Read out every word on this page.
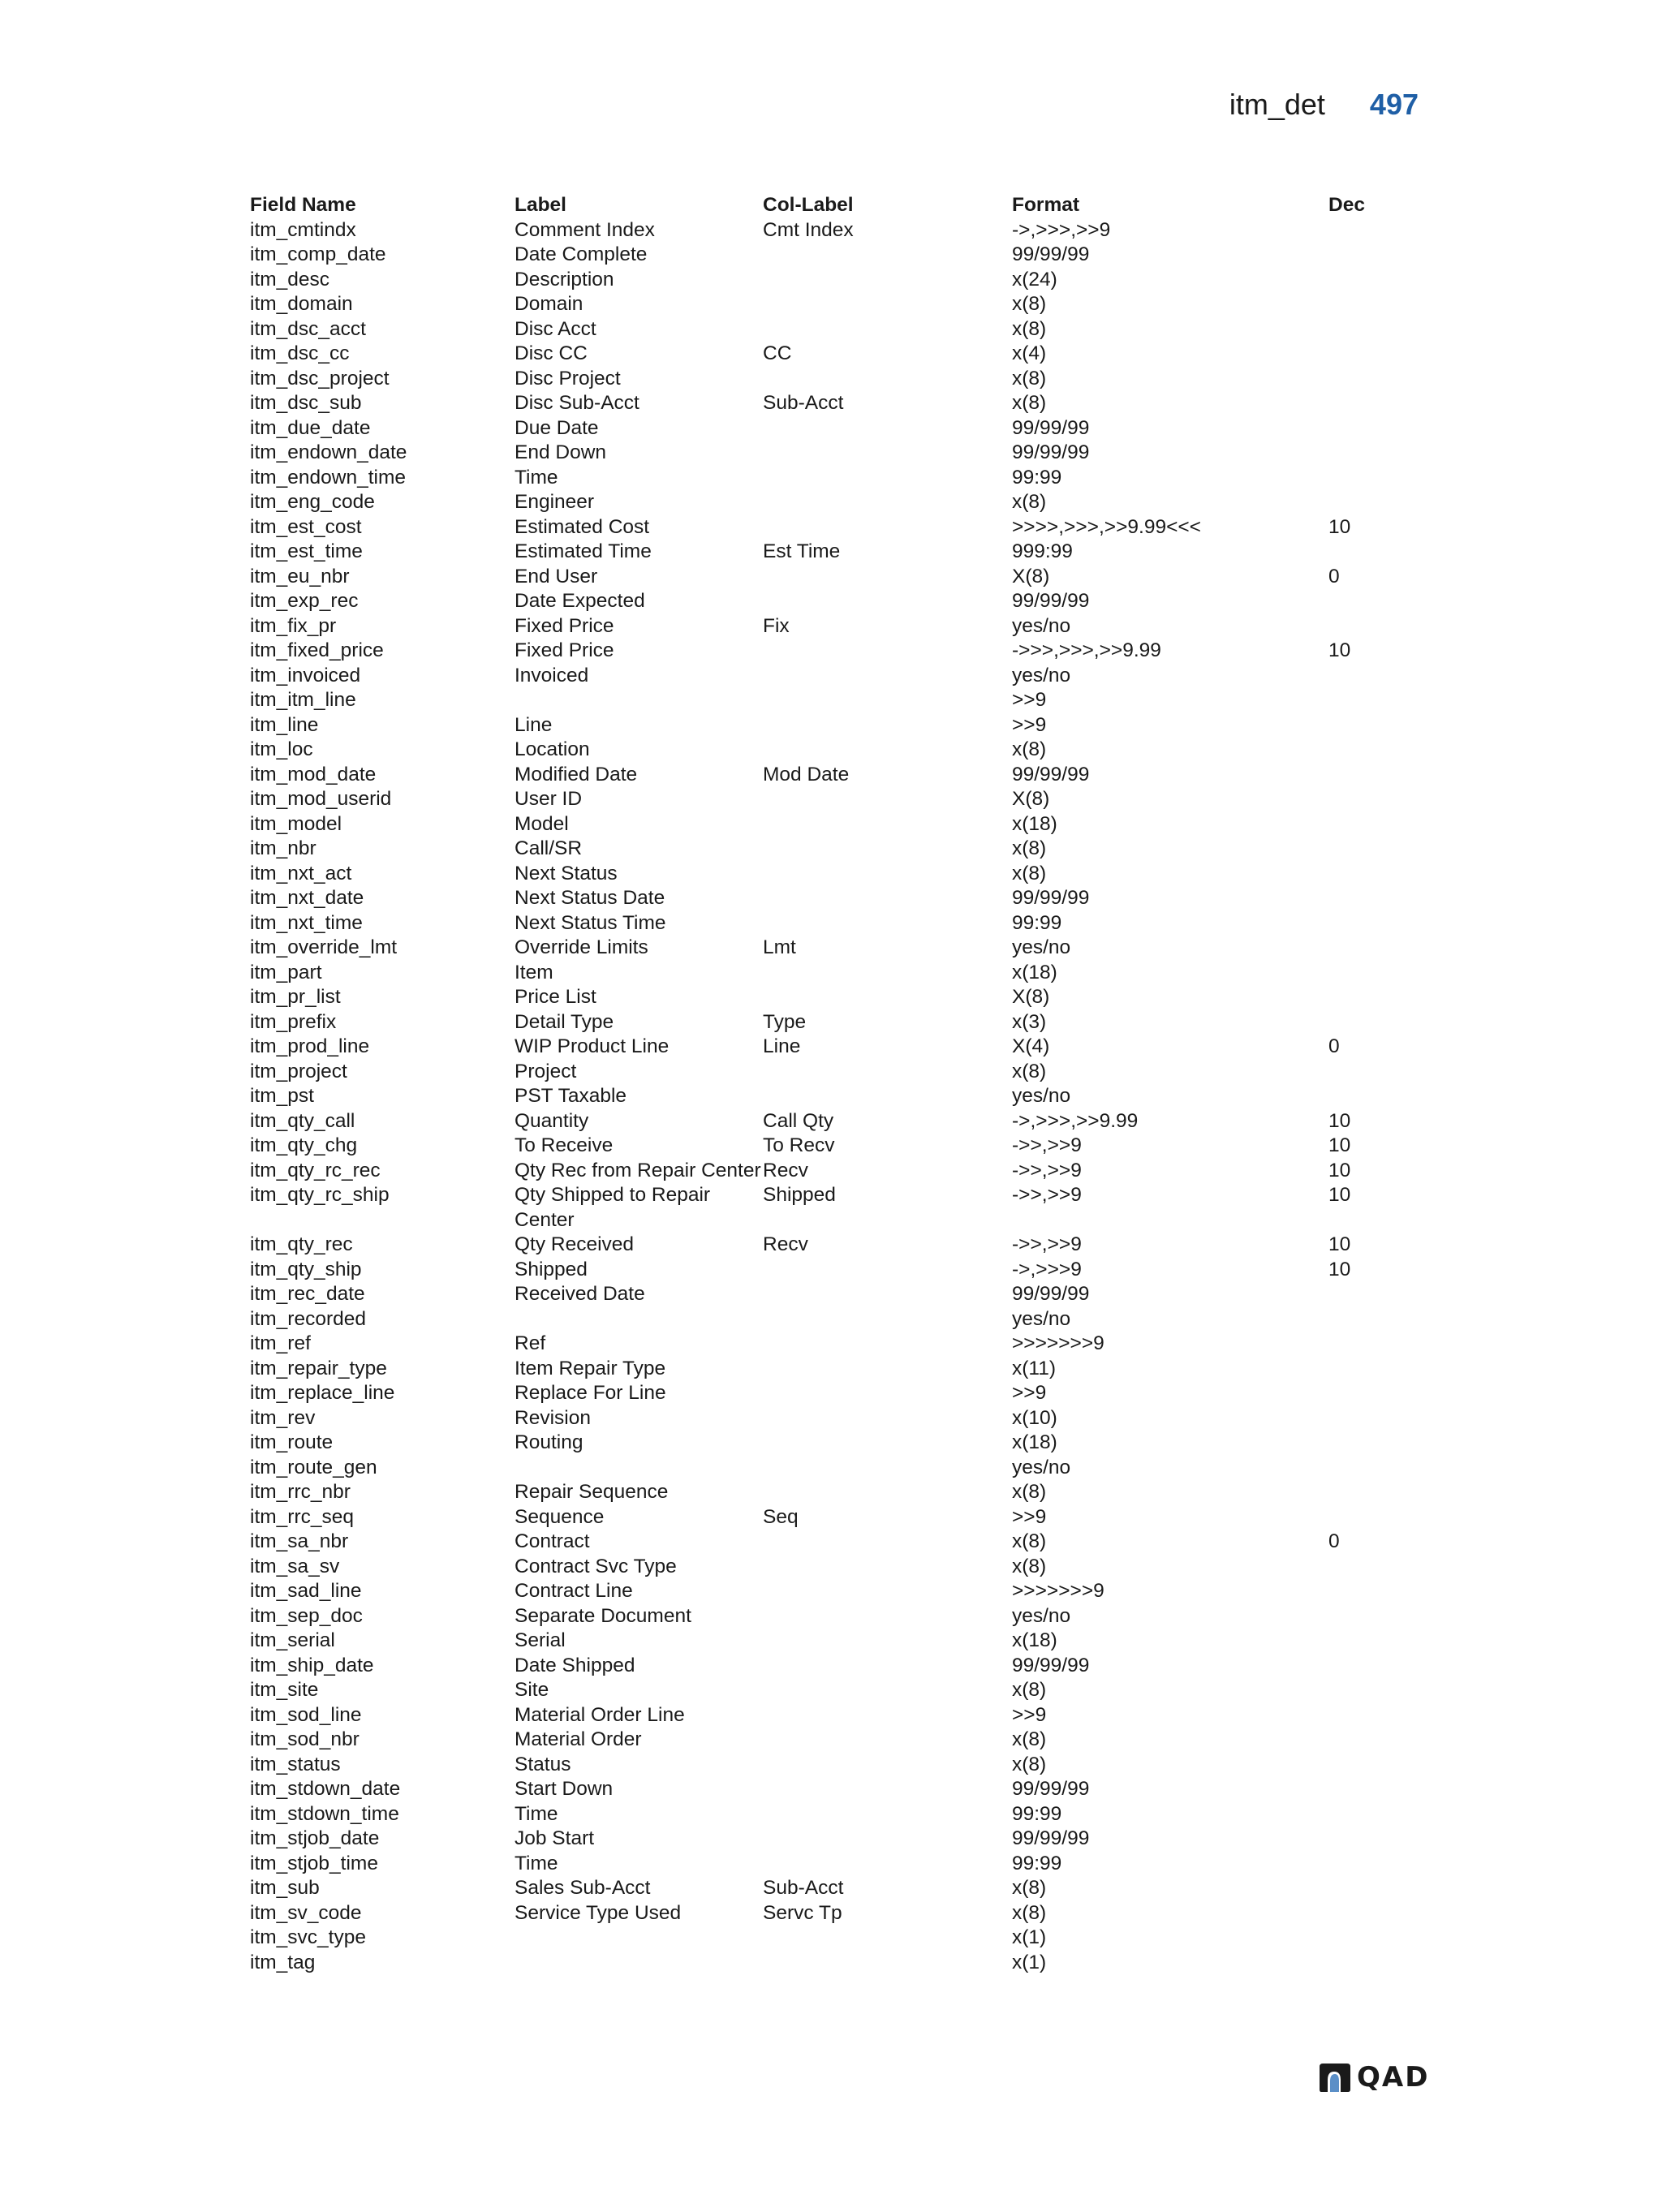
itm_det 497
Field Name	Label	Col-Label	Format	Dec
itm_cmtindx	Comment Index	Cmt Index	->,>>>,>>9	
itm_comp_date	Date Complete		99/99/99	
itm_desc	Description		x(24)	
itm_domain	Domain		x(8)	
itm_dsc_acct	Disc Acct		x(8)	
itm_dsc_cc	Disc CC	CC	x(4)	
itm_dsc_project	Disc Project		x(8)	
itm_dsc_sub	Disc Sub-Acct	Sub-Acct	x(8)	
itm_due_date	Due Date		99/99/99	
itm_endown_date	End Down		99/99/99	
itm_endown_time	Time		99:99	
itm_eng_code	Engineer		x(8)	
itm_est_cost	Estimated Cost		>>>>,>>>,>>9.99<<<	10
itm_est_time	Estimated Time	Est Time	999:99	
itm_eu_nbr	End User		X(8)	0
itm_exp_rec	Date Expected		99/99/99	
itm_fix_pr	Fixed Price	Fix	yes/no	
itm_fixed_price	Fixed Price		->>>,>>>,>>9.99	10
itm_invoiced	Invoiced		yes/no	
itm_itm_line			>>9	
itm_line	Line		>>9	
itm_loc	Location		x(8)	
itm_mod_date	Modified Date	Mod Date	99/99/99	
itm_mod_userid	User ID		X(8)	
itm_model	Model		x(18)	
itm_nbr	Call/SR		x(8)	
itm_nxt_act	Next Status		x(8)	
itm_nxt_date	Next Status Date		99/99/99	
itm_nxt_time	Next Status Time		99:99	
itm_override_lmt	Override Limits	Lmt	yes/no	
itm_part	Item		x(18)	
itm_pr_list	Price List		X(8)	
itm_prefix	Detail Type	Type	x(3)	
itm_prod_line	WIP Product Line	Line	X(4)	0
itm_project	Project		x(8)	
itm_pst	PST Taxable		yes/no	
itm_qty_call	Quantity	Call Qty	->,>>>,>>9.99	10
itm_qty_chg	To Receive	To Recv	->>,>>9	10
itm_qty_rc_rec	Qty Rec from Repair Center	Recv	->>,>>9	10
itm_qty_rc_ship	Qty Shipped to Repair Center	Shipped	->>,>>9	10
itm_qty_rec	Qty Received	Recv	->>,>>9	10
itm_qty_ship	Shipped		->,>>>9	10
itm_rec_date	Received Date		99/99/99	
itm_recorded			yes/no	
itm_ref	Ref		>>>>>>>9	
itm_repair_type	Item Repair Type		x(11)	
itm_replace_line	Replace For Line		>>9	
itm_rev	Revision		x(10)	
itm_route	Routing		x(18)	
itm_route_gen			yes/no	
itm_rrc_nbr	Repair Sequence		x(8)	
itm_rrc_seq	Sequence	Seq	>>9	
itm_sa_nbr	Contract		x(8)	0
itm_sa_sv	Contract Svc Type		x(8)	
itm_sad_line	Contract Line		>>>>>>>9	
itm_sep_doc	Separate Document		yes/no	
itm_serial	Serial		x(18)	
itm_ship_date	Date Shipped		99/99/99	
itm_site	Site		x(8)	
itm_sod_line	Material Order Line		>>9	
itm_sod_nbr	Material Order		x(8)	
itm_status	Status		x(8)	
itm_stdown_date	Start Down		99/99/99	
itm_stdown_time	Time		99:99	
itm_stjob_date	Job Start		99/99/99	
itm_stjob_time	Time		99:99	
itm_sub	Sales Sub-Acct	Sub-Acct	x(8)	
itm_sv_code	Service Type Used	Servc Tp	x(8)	
itm_svc_type			x(1)	
itm_tag			x(1)	
QAD
